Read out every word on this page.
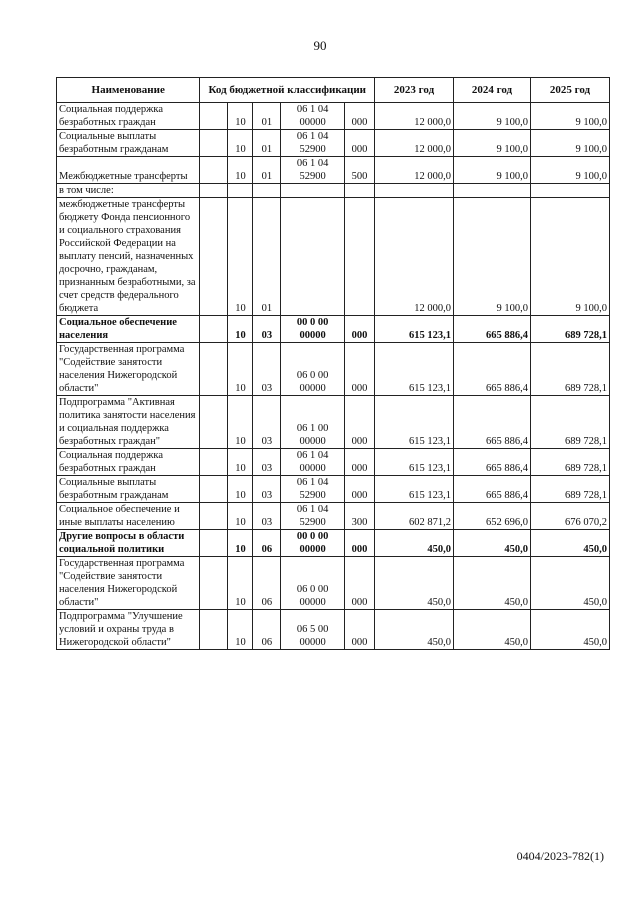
90
Наименование	Код бюджетной классификации					2023 год	2024 год	2025 год
Социальная поддержка безработных граждан		10	01	06 1 04 00000	000	12 000,0	9 100,0	9 100,0
Социальные выплаты безработным гражданам		10	01	06 1 04 52900	000	12 000,0	9 100,0	9 100,0
Межбюджетные трансферты		10	01	06 1 04 52900	500	12 000,0	9 100,0	9 100,0
в том числе:								
межбюджетные трансферты бюджету Фонда пенсионного и социального страхования Российской Федерации на выплату пенсий, назначенных досрочно, гражданам, признанным безработными, за счет средств федерального бюджета		10	01			12 000,0	9 100,0	9 100,0
Социальное обеспечение населения		10	03	00 0 00 00000	000	615 123,1	665 886,4	689 728,1
Государственная программа "Содействие занятости населения Нижегородской области"		10	03	06 0 00 00000	000	615 123,1	665 886,4	689 728,1
Подпрограмма "Активная политика занятости населения и социальная поддержка безработных граждан"		10	03	06 1 00 00000	000	615 123,1	665 886,4	689 728,1
Социальная поддержка безработных граждан		10	03	06 1 04 00000	000	615 123,1	665 886,4	689 728,1
Социальные выплаты безработным гражданам		10	03	06 1 04 52900	000	615 123,1	665 886,4	689 728,1
Социальное обеспечение и иные выплаты населению		10	03	06 1 04 52900	300	602 871,2	652 696,0	676 070,2
Другие вопросы в области социальной политики		10	06	00 0 00 00000	000	450,0	450,0	450,0
Государственная программа "Содействие занятости населения Нижегородской области"		10	06	06 0 00 00000	000	450,0	450,0	450,0
Подпрограмма "Улучшение условий и охраны труда в Нижегородской области"		10	06	06 5 00 00000	000	450,0	450,0	450,0
0404/2023-782(1)
